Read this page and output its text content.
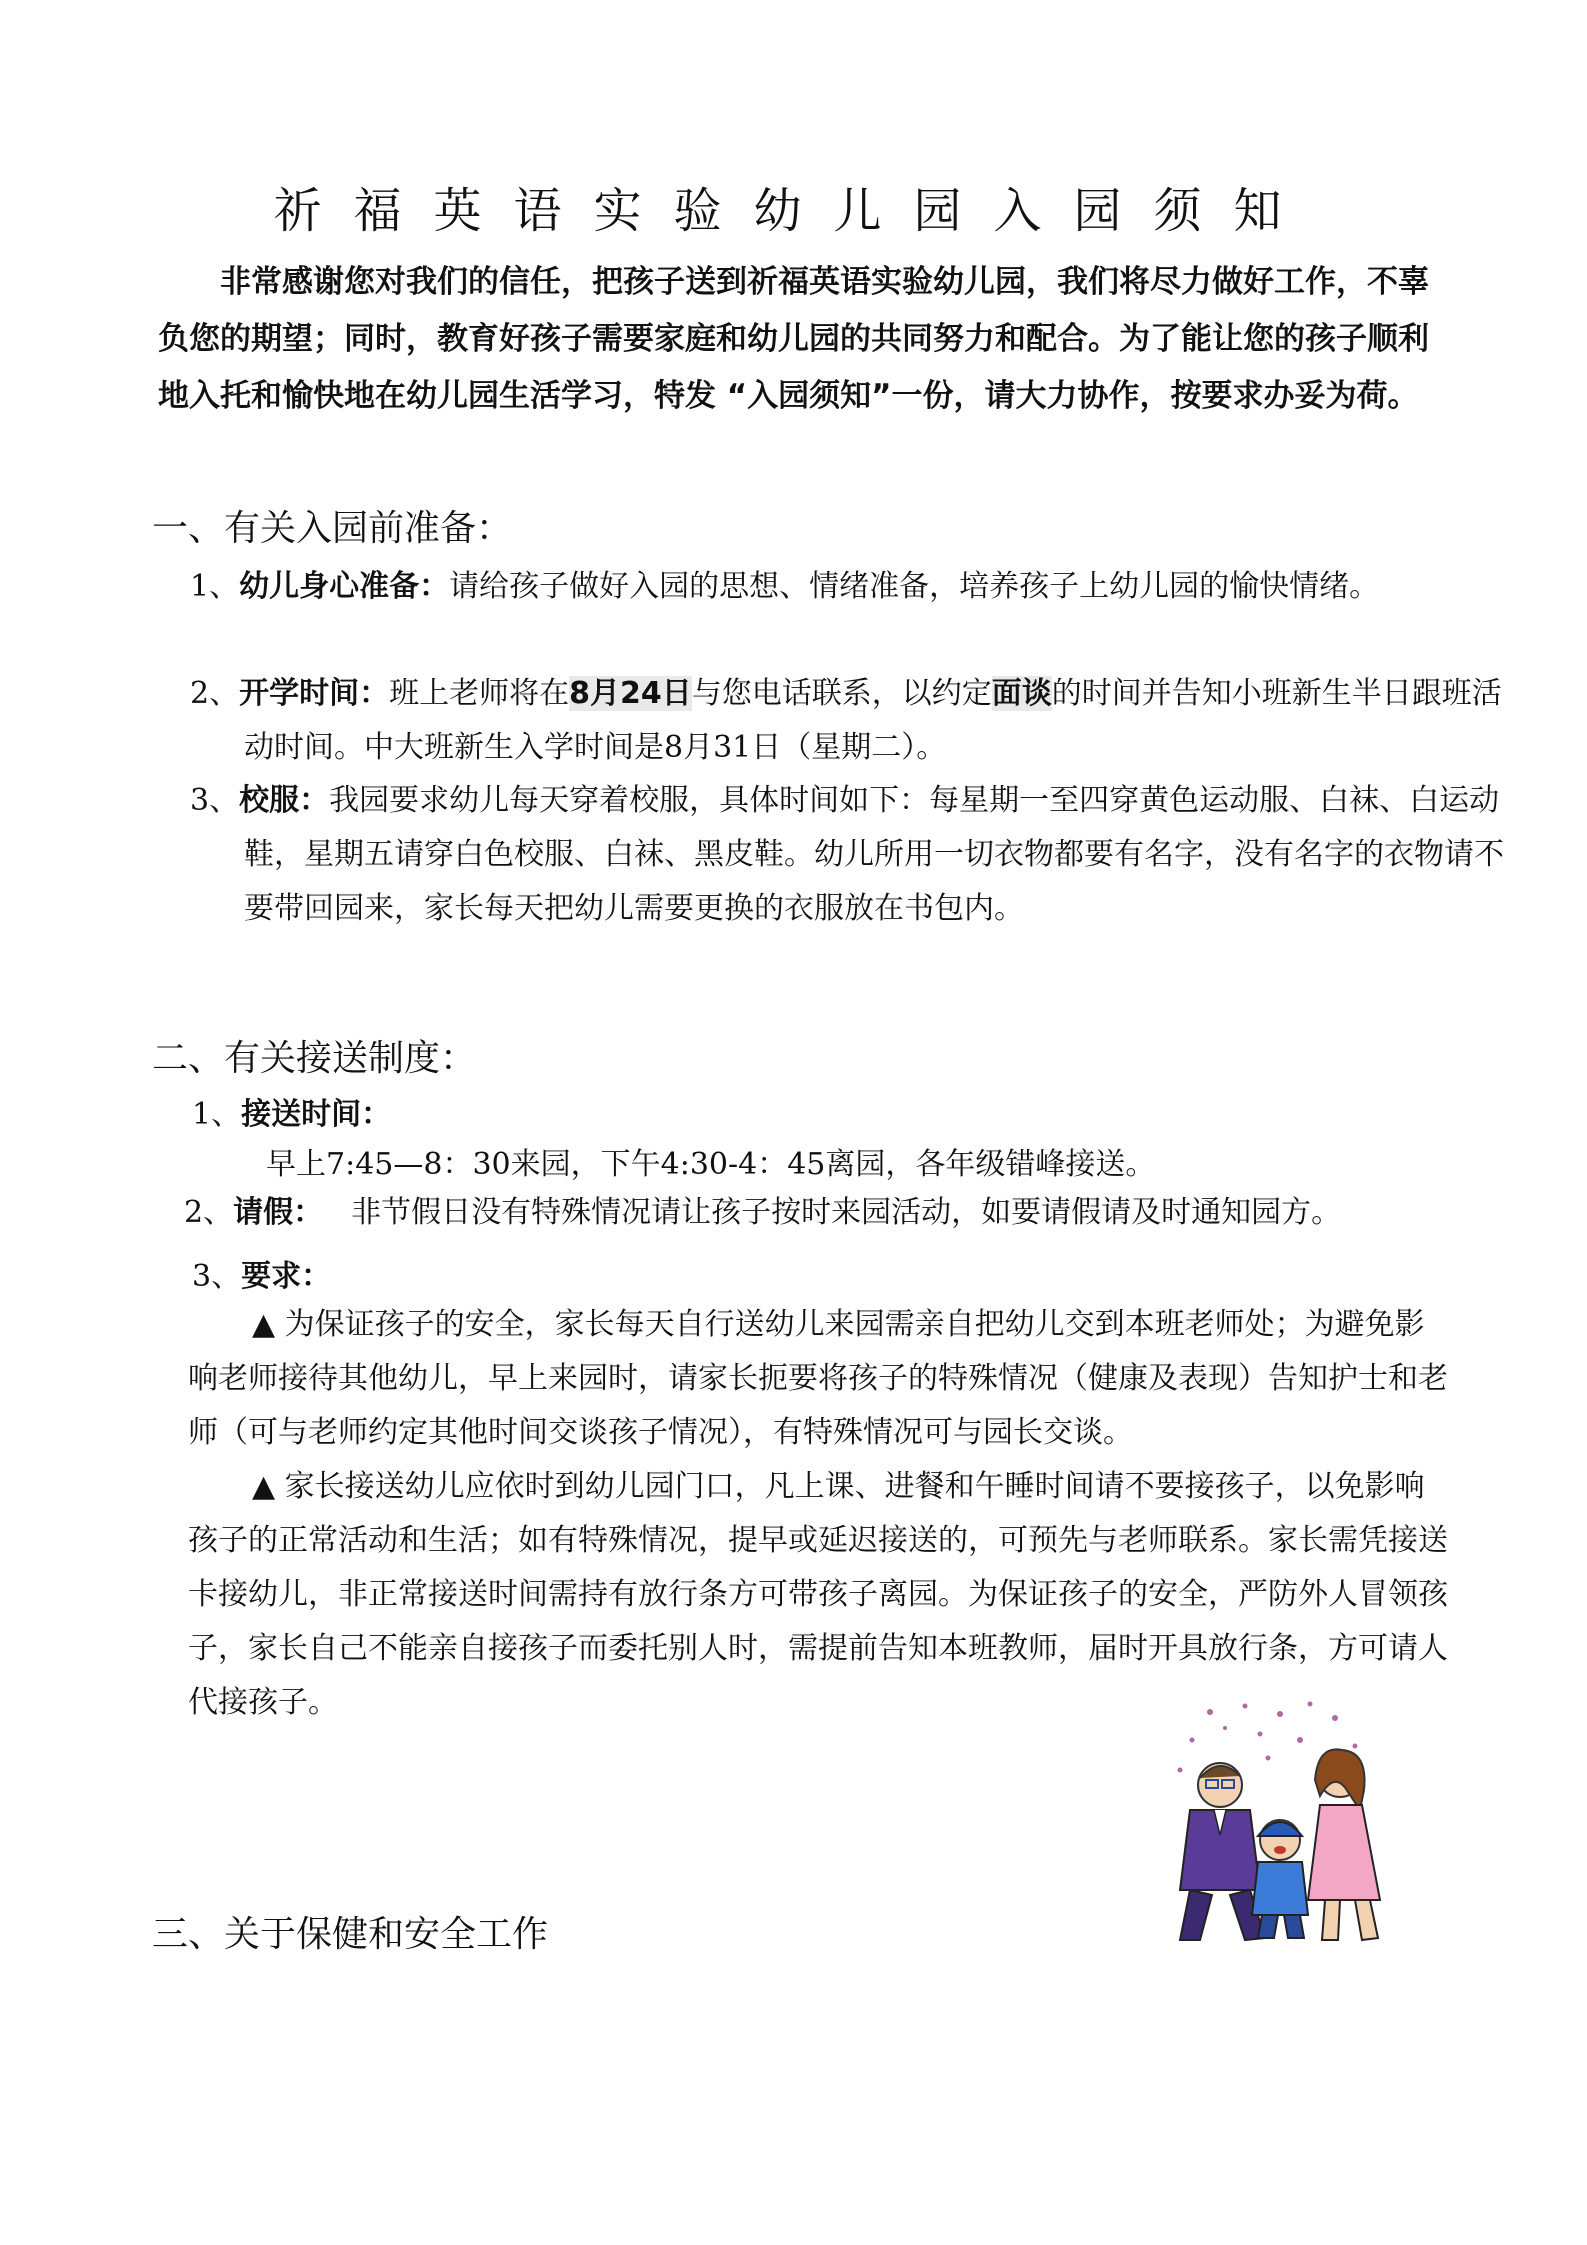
祈福英语实验幼儿园入园须知
非常感谢您对我们的信任，把孩子送到祈福英语实验幼儿园，我们将尽力做好工作，不辜负您的期望；同时，教育好孩子需要家庭和幼儿园的共同努力和配合。为了能让您的孩子顺利地入托和愉快地在幼儿园生活学习，特发 “入园须知”一份，请大力协作，按要求办妥为荷。
一、有关入园前准备：
1、幼儿身心准备：请给孩子做好入园的思想、情绪准备，培养孩子上幼儿园的愉快情绪。
2、开学时间：班上老师将在8月24日与您电话联系，以约定面谈的时间并告知小班新生半日跟班活动时间。中大班新生入学时间是8月31日（星期二）。
3、校服：我园要求幼儿每天穿着校服，具体时间如下：每星期一至四穿黄色运动服、白袜、白运动鞋，星期五请穿白色校服、白袜、黑皮鞋。幼儿所用一切衣物都要有名字，没有名字的衣物请不要带回园来，家长每天把幼儿需要更换的衣服放在书包内。
二、有关接送制度：
1、接送时间：
早上7:45—8：30来园，下午4:30-4：45离园，各年级错峰接送。
2、请假： 非节假日没有特殊情况请让孩子按时来园活动，如要请假请及时通知园方。
3、要求：
▲ 为保证孩子的安全，家长每天自行送幼儿来园需亲自把幼儿交到本班老师处；为避免影响老师接待其他幼儿，早上来园时，请家长扼要将孩子的特殊情况（健康及表现）告知护士和老师（可与老师约定其他时间交谈孩子情况），有特殊情况可与园长交谈。
▲ 家长接送幼儿应依时到幼儿园门口，凡上课、进餐和午睡时间请不要接孩子，以免影响孩子的正常活动和生活；如有特殊情况，提早或延迟接送的，可预先与老师联系。家长需凭接送卡接幼儿，非正常接送时间需持有放行条方可带孩子离园。为保证孩子的安全，严防外人冒领孩子，家长自己不能亲自接孩子而委托别人时，需提前告知本班教师，届时开具放行条，方可请人代接孩子。
三、关于保健和安全工作
